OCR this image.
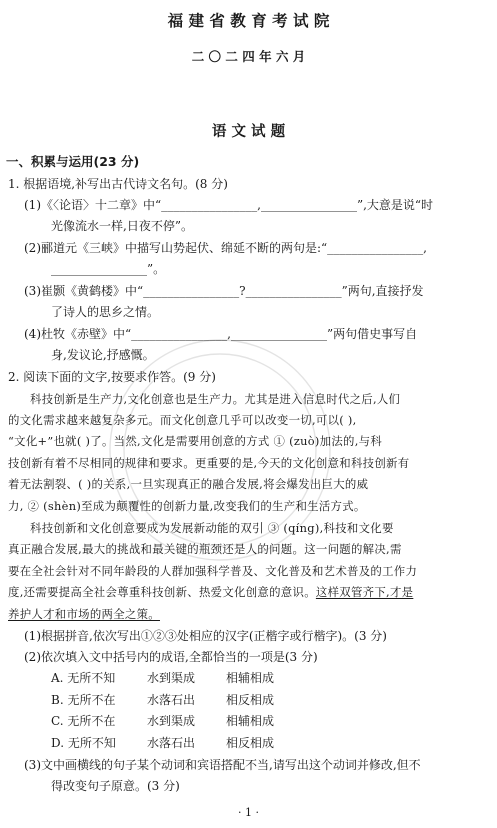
福 建 省 教 育 考 试 院
二 〇 二 四 年 六 月
语 文 试 题
一、积累与运用(23 分)
1. 根据语境,补写出古代诗文名句。(8 分)
(1)《〈论语〉十二章》中“________________,________________”,大意是说“时
光像流水一样,日夜不停”。
(2)郦道元《三峡》中描写山势起伏、绵延不断的两句是:“________________,
________________”。
(3)崔颢《黄鹤楼》中“________________?________________”两句,直接抒发
了诗人的思乡之情。
(4)杜牧《赤壁》中“________________,________________”两句借史事写自
身,发议论,抒感慨。
2. 阅读下面的文字,按要求作答。(9 分)
科技创新是生产力,文化创意也是生产力。尤其是进入信息时代之后,人们
的文化需求越来越复杂多元。而文化创意几乎可以改变一切,可以( ),
“文化+”也就( )了。当然,文化是需要用创意的方式 ① (zuò)加法的,与科
技创新有着不尽相同的规律和要求。更重要的是,今天的文化创意和科技创新有
着无法割裂、( )的关系,一旦实现真正的融合发展,将会爆发出巨大的威
力, ② (shèn)至成为颠覆性的创新力量,改变我们的生产和生活方式。
科技创新和文化创意要成为发展新动能的双引 ③ (qíng),科技和文化要
真正融合发展,最大的挑战和最关键的瓶颈还是人的问题。这一问题的解决,需
要在全社会针对不同年龄段的人群加强科学普及、文化普及和艺术普及的工作力
度,还需要提高全社会尊重科技创新、热爱文化创意的意识。这样双管齐下,才是
养护人才和市场的两全之策。
(1)根据拼音,依次写出①②③处相应的汉字(正楷字或行楷字)。(3 分)
(2)依次填入文中括号内的成语,全都恰当的一项是(3 分)
A. 无所不知	水到渠成	相辅相成
B. 无所不在	水落石出	相反相成
C. 无所不在	水到渠成	相辅相成
D. 无所不知	水落石出	相反相成
(3)文中画横线的句子某个动词和宾语搭配不当,请写出这个动词并修改,但不
得改变句子原意。(3 分)
· 1 ·
